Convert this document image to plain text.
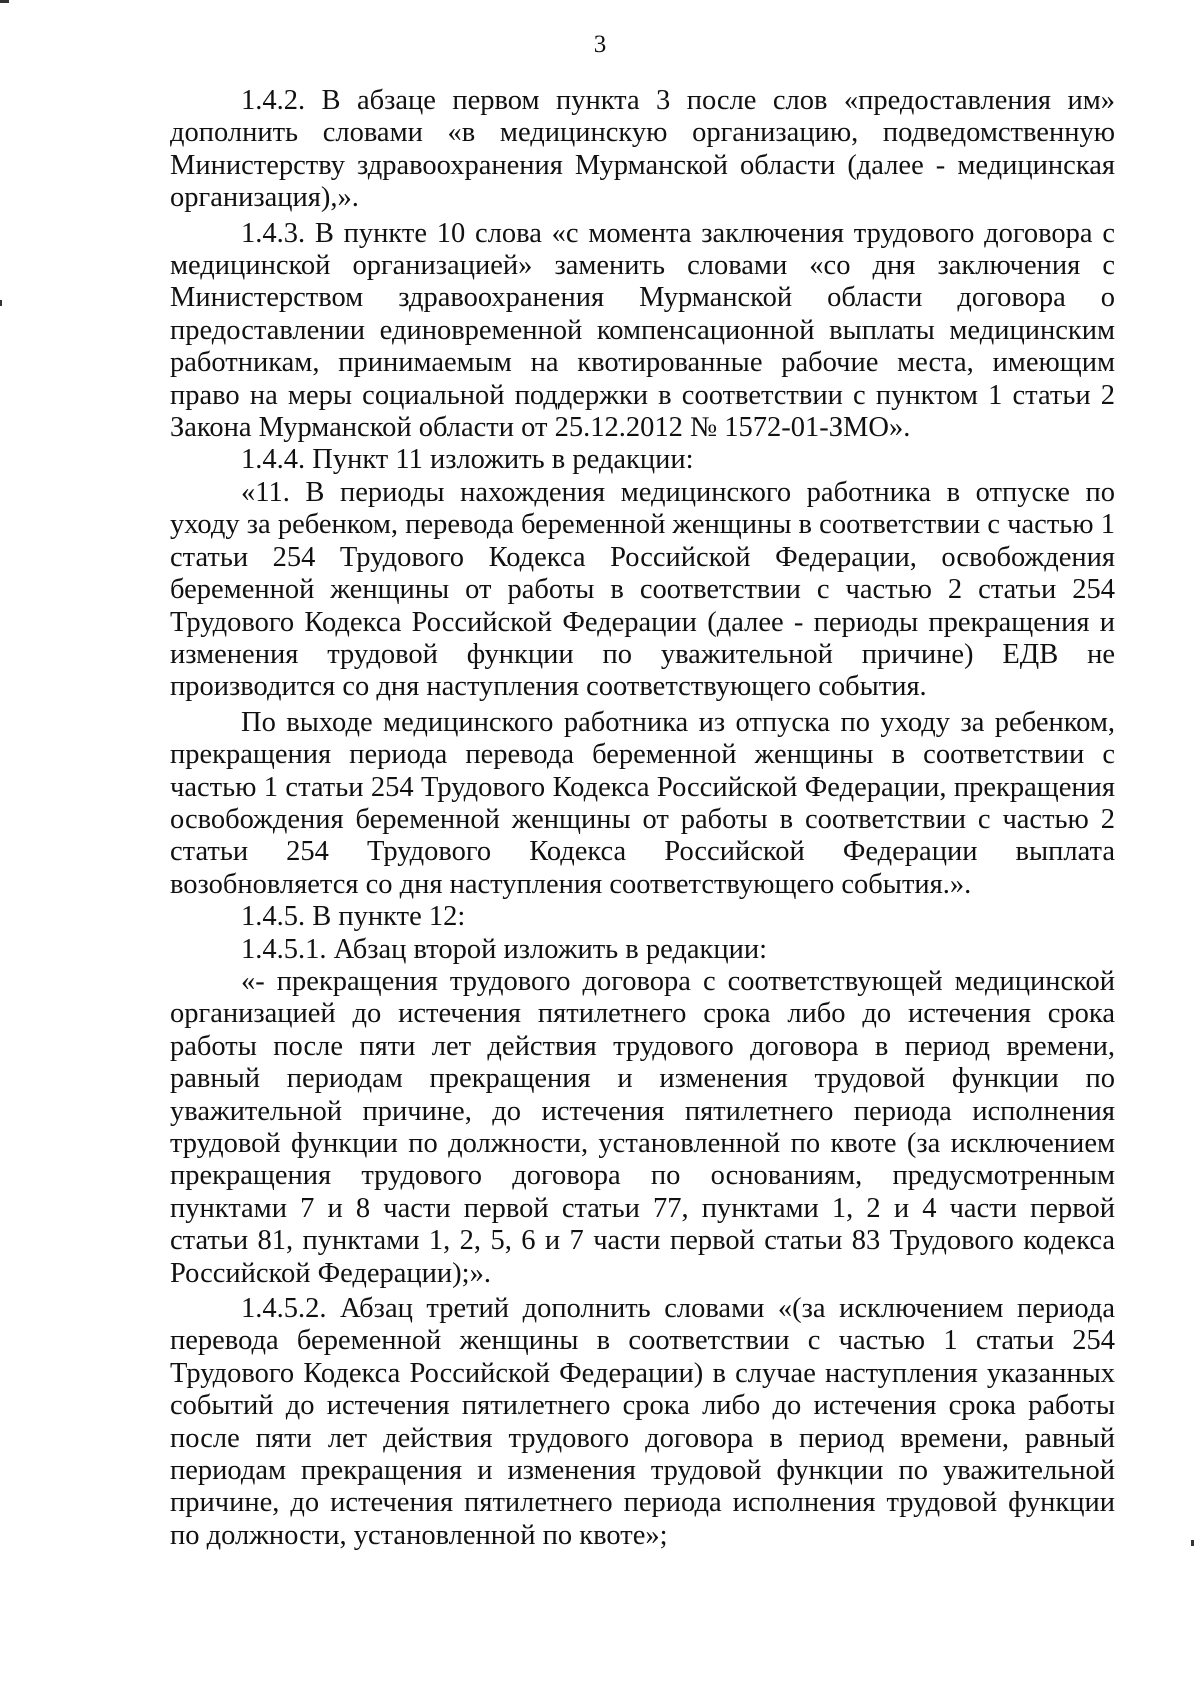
3

1.4.2. В абзаце первом пункта 3 после слов «предоставления им» дополнить словами «в медицинскую организацию, подведомственную Министерству здравоохранения Мурманской области (далее - медицинская организация),».

1.4.3. В пункте 10 слова «с момента заключения трудового договора с медицинской организацией» заменить словами «со дня заключения с Министерством здравоохранения Мурманской области договора о предоставлении единовременной компенсационной выплаты медицинским работникам, принимаемым на квотированные рабочие места, имеющим право на меры социальной поддержки в соответствии с пунктом 1 статьи 2 Закона Мурманской области от 25.12.2012 № 1572-01-ЗМО».

1.4.4. Пункт 11 изложить в редакции:

«11. В периоды нахождения медицинского работника в отпуске по уходу за ребенком, перевода беременной женщины в соответствии с частью 1 статьи 254 Трудового Кодекса Российской Федерации, освобождения беременной женщины от работы в соответствии с частью 2 статьи 254 Трудового Кодекса Российской Федерации (далее - периоды прекращения и изменения трудовой функции по уважительной причине) ЕДВ не производится со дня наступления соответствующего события.

По выходе медицинского работника из отпуска по уходу за ребенком, прекращения периода перевода беременной женщины в соответствии с частью 1 статьи 254 Трудового Кодекса Российской Федерации, прекращения освобождения беременной женщины от работы в соответствии с частью 2 статьи 254 Трудового Кодекса Российской Федерации выплата возобновляется со дня наступления соответствующего события.».

1.4.5. В пункте 12:

1.4.5.1. Абзац второй изложить в редакции:

«- прекращения трудового договора с соответствующей медицинской организацией до истечения пятилетнего срока либо до истечения срока работы после пяти лет действия трудового договора в период времени, равный периодам прекращения и изменения трудовой функции по уважительной причине, до истечения пятилетнего периода исполнения трудовой функции по должности, установленной по квоте (за исключением прекращения трудового договора по основаниям, предусмотренным пунктами 7 и 8 части первой статьи 77, пунктами 1, 2 и 4 части первой статьи 81, пунктами 1, 2, 5, 6 и 7 части первой статьи 83 Трудового кодекса Российской Федерации);».

1.4.5.2. Абзац третий дополнить словами «(за исключением периода перевода беременной женщины в соответствии с частью 1 статьи 254 Трудового Кодекса Российской Федерации) в случае наступления указанных событий до истечения пятилетнего срока либо до истечения срока работы после пяти лет действия трудового договора в период времени, равный периодам прекращения и изменения трудовой функции по уважительной причине, до истечения пятилетнего периода исполнения трудовой функции по должности, установленной по квоте»;
